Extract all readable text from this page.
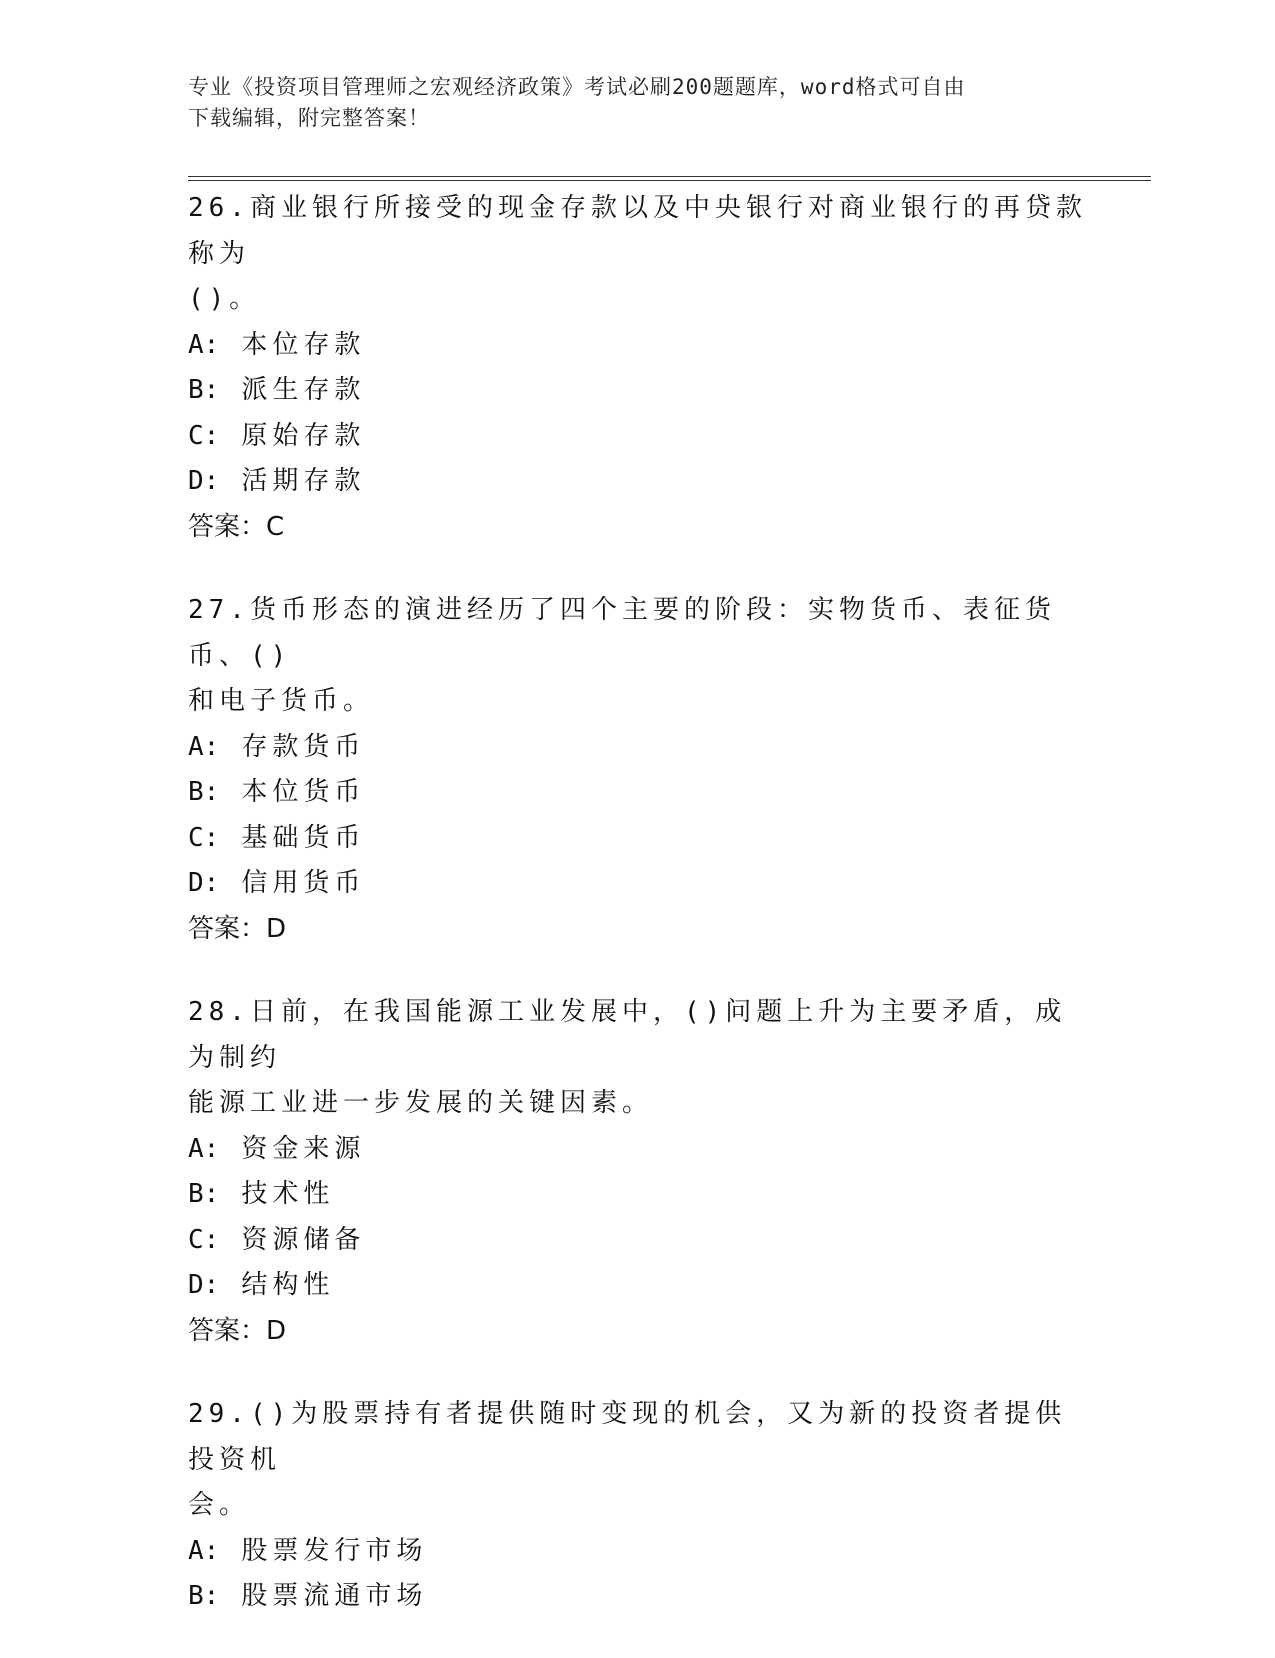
专业《投资项目管理师之宏观经济政策》考试必刷200题题库，word格式可自由
下载编辑，附完整答案！

26.商业银行所接受的现金存款以及中央银行对商业银行的再贷款称为

()。

A: 本位存款

B: 派生存款

C: 原始存款

D: 活期存款

答案：C

27.货币形态的演进经历了四个主要的阶段：实物货币、表征货币、()

和电子货币。

A: 存款货币

B: 本位货币

C: 基础货币

D: 信用货币

答案：D

28.日前，在我国能源工业发展中，()问题上升为主要矛盾，成为制约

能源工业进一步发展的关键因素。

A: 资金来源

B: 技术性

C: 资源储备

D: 结构性

答案：D

29.()为股票持有者提供随时变现的机会，又为新的投资者提供投资机

会。

A: 股票发行市场

B: 股票流通市场
